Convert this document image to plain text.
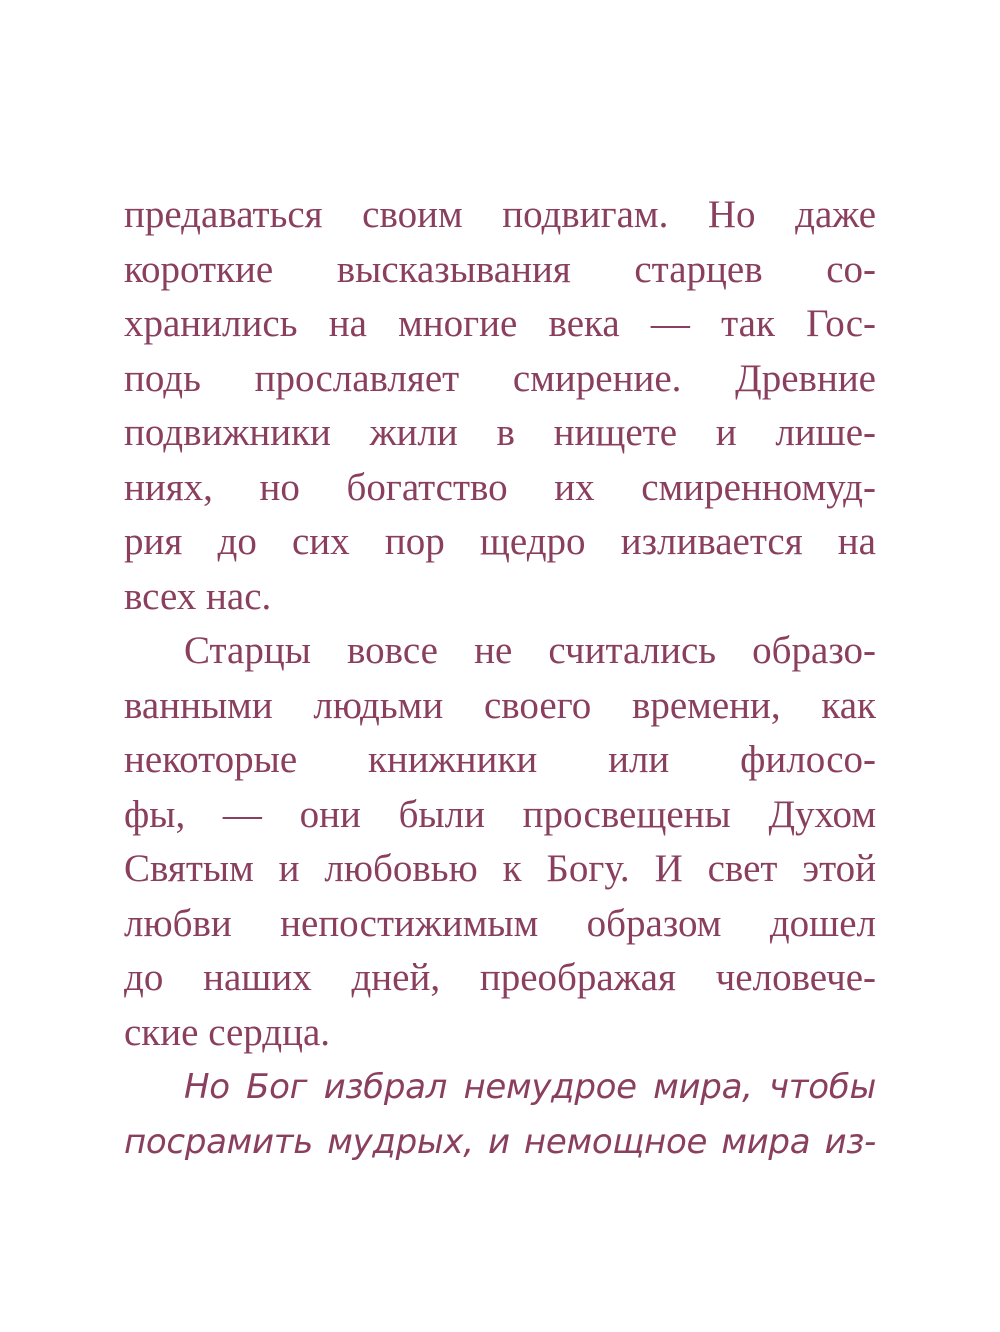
предаваться своим подвигам. Но даже
короткие высказывания старцев со-
хранились на многие века — так Гос-
подь прославляет смирение. Древние
подвижники жили в нищете и лише-
ниях, но богатство их смиренномуд-
рия до сих пор щедро изливается на
всех нас.
Старцы вовсе не считались образо-
ванными людьми своего времени, как
некоторые книжники или филосо-
фы, — они были просвещены Духом
Святым и любовью к Богу. И свет этой
любви непостижимым образом дошел
до наших дней, преображая человече-
ские сердца.
Но Бог избрал немудрое мира, чтобы
посрамить мудрых, и немощное мира из-
